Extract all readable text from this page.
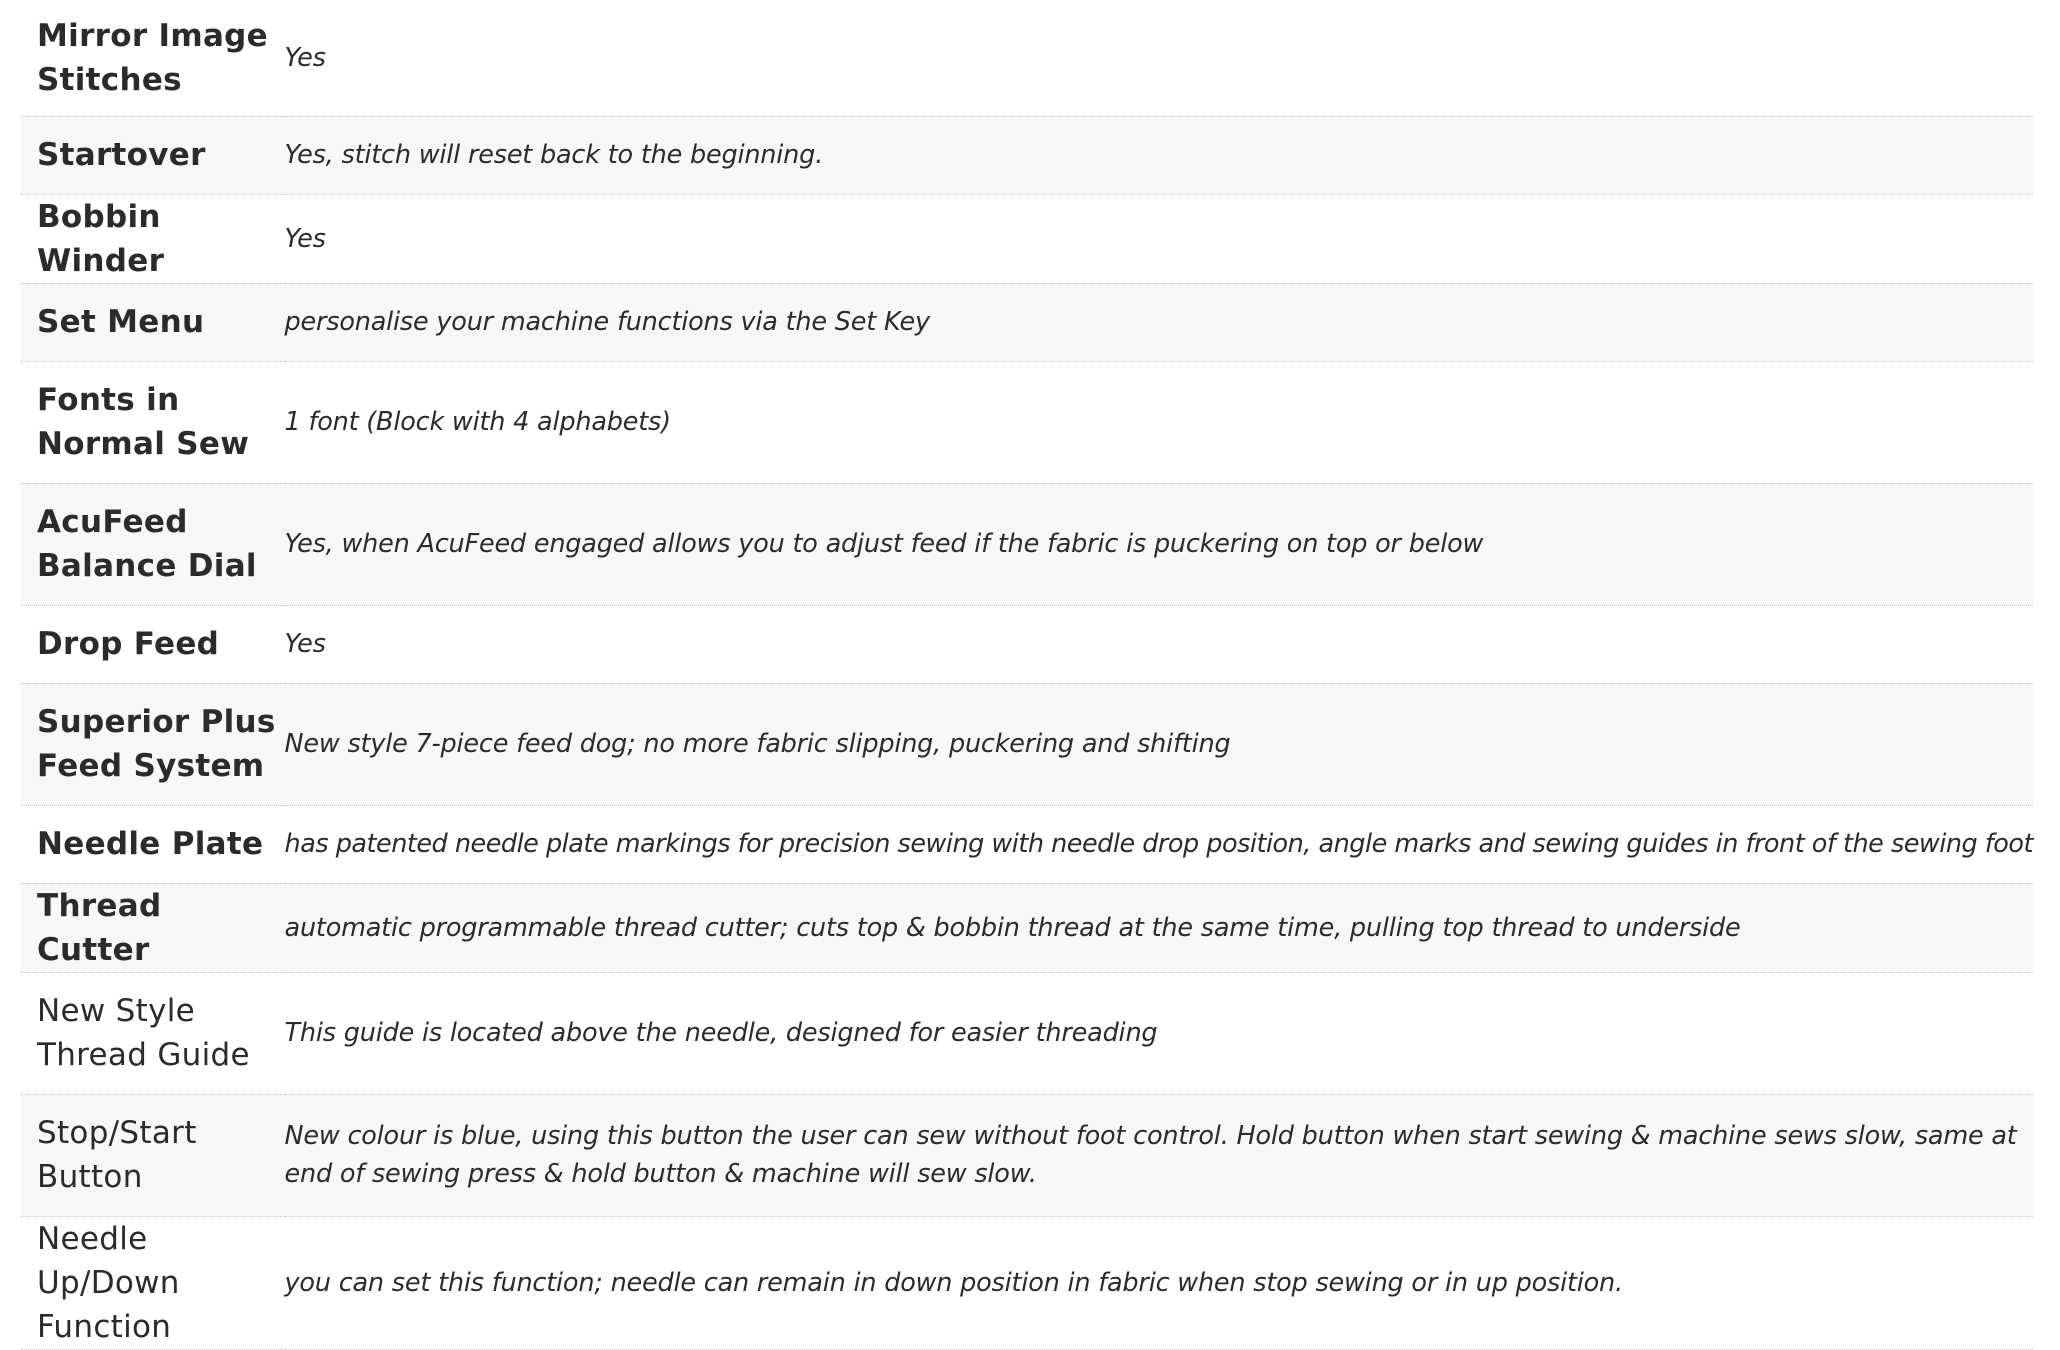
Mirror Image Stitches	Yes
Startover	Yes, stitch will reset back to the beginning.
Bobbin Winder	Yes
Set Menu	personalise your machine functions via the Set Key
Fonts in Normal Sew	1 font (Block with 4 alphabets)
AcuFeed Balance Dial	Yes, when AcuFeed engaged allows you to adjust feed if the fabric is puckering on top or below
Drop Feed	Yes
Superior Plus Feed System	New style 7-piece feed dog; no more fabric slipping, puckering and shifting
Needle Plate	has patented needle plate markings for precision sewing with needle drop position, angle marks and sewing guides in front of the sewing foot
Thread Cutter	automatic programmable thread cutter; cuts top & bobbin thread at the same time, pulling top thread to underside
New Style Thread Guide	This guide is located above the needle, designed for easier threading
Stop/Start Button	New colour is blue, using this button the user can sew without foot control. Hold button when start sewing & machine sews slow, same at end of sewing press & hold button & machine will sew slow.
Needle Up/Down Function	you can set this function; needle can remain in down position in fabric when stop sewing or in up position.
